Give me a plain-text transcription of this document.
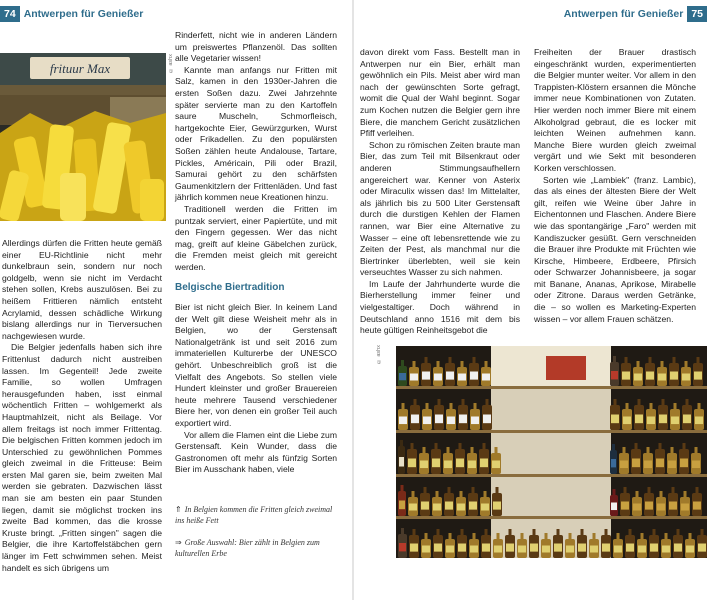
74 Antwerpen für Genießer
frituur Max	© ashx

Allerdings dürfen die Fritten heute gemäß einer EU-Richtlinie nicht mehr dunkelbraun sein, sondern nur noch goldgelb, wenn sie nicht im Verdacht stehen sollen, Krebs auszulösen. Bei zu heißem Frittieren nämlich entsteht Acrylamid, dessen schädliche Wirkung bislang allerdings nur in Tierversuchen nachgewiesen wurde.

Die Belgier jedenfalls haben sich ihre Frittenlust dadurch nicht austreiben lassen. Im Gegenteil! Jede zweite Familie, so wollen Umfragen herausgefunden haben, isst einmal wöchentlich Fritten – wohlgemerkt als Hauptmahlzeit, nicht als Beilage. Vor allem freitags ist noch immer Frittentag. Die belgischen Fritten kommen jedoch im Unterschied zu gewöhnlichen Pommes gleich zweimal in die Fritteuse: Beim ersten Mal garen sie, beim zweiten Mal werden sie gebraten. Dazwischen lässt man sie am besten ein paar Stunden liegen, damit sie möglichst trocken ins zweite Bad kommen, das die krosse Kruste bringt. „Fritten singen" sagen die Belgier, die ihre Kartoffelstäbchen gern länger im Fett schwimmen sehen. Meist handelt es sich übrigens um

Rinderfett, nicht wie in anderen Ländern um preiswertes Pflanzenöl. Das sollten alle Vegetarier wissen!

Kannte man anfangs nur Fritten mit Salz, kamen in den 1930er-Jahren die ersten Soßen dazu. Zwei Jahrzehnte später servierte man zu den Kartoffeln saure Muscheln, Schmorfleisch, hartgekochte Eier, Gewürzgurken, Wurst oder Frikadellen. Zu den populärsten Soßen zählen heute Andalouse, Tartare, Pickles, Américain, Pili oder Brazil, Samurai gehört zu den schärfsten Gaumenkitzlern der Frittenläden. Und fast jährlich kommen neue Kreationen hinzu.

Traditionell werden die Fritten im puntzak serviert, einer Papiertüte, und mit den Fingern gegessen. Wer das nicht mag, greift auf kleine Gäbelchen zurück, die Fremden meist gleich mit gereicht werden.

Belgische Biertradition

Bier ist nicht gleich Bier. In keinem Land der Welt gilt diese Weisheit mehr als in Belgien, wo der Gerstensaft Nationalgetränk ist und seit 2016 zum immateriellen Kulturerbe der UNESCO gehört. Unbeschreiblich groß ist die Vielfalt des Angebots. So stellen viele Hundert kleinster und großer Brauereien heute mehrere Tausend verschiedener Biere her, von denen ein großer Teil auch exportiert wird.

Vor allem die Flamen eint die Liebe zum Gerstensaft. Kein Wunder, dass die Gastronomen oft mehr als fünfzig Sorten Bier im Ausschank haben, viele

⇑ In Belgien kommen die Fritten gleich zweimal ins heiße Fett
⇒ Große Auswahl: Bier zählt in Belgien zum kulturellen Erbe
Antwerpen für Genießer 75

davon direkt vom Fass. Bestellt man in Antwerpen nur ein Bier, erhält man gewöhnlich ein Pils. Meist aber wird man nach der gewünschten Sorte gefragt, womit die Qual der Wahl beginnt. Sogar zum Kochen nutzen die Belgier gern ihre Biere, die manchem Gericht zusätzlichen Pfiff verleihen.

Schon zu römischen Zeiten braute man Bier, das zum Teil mit Bilsenkraut oder anderen Stimmungsaufhellern angereichert war. Kenner von Asterix oder Miraculix wissen das! Im Mittelalter, als jährlich bis zu 500 Liter Gerstensaft durch die durstigen Kehlen der Flamen rannen, war Bier eine Alternative zu Wasser – eine oft lebensrettende wie zu Zeiten der Pest, als manchmal nur die Biertrinker überlebten, weil sie kein verseuchtes Wasser zu sich nahmen.

Im Laufe der Jahrhunderte wurde die Bierherstellung immer feiner und vielgestaltiger. Doch während in Deutschland anno 1516 mit dem bis heute gültigen Reinheitsgebot die

Freiheiten der Brauer drastisch eingeschränkt wurden, experimentierten die Belgier munter weiter. Vor allem in den Trappisten-Klöstern ersannen die Mönche immer neue Kombinationen von Zutaten. Hier werden noch immer Biere mit einem Alkoholgrad gebraut, die es locker mit leichten Weinen aufnehmen kann. Manche Biere wurden gleich zweimal vergärt und wie Sekt mit besonderen Korken verschlossen.

Sorten wie „Lambiek" (franz. Lambic), das als eines der ältesten Biere der Welt gilt, reifen wie Weine über Jahre in Eichentonnen und Flaschen. Andere Biere wie das spontangärige „Faro" werden mit Kandiszucker gesüßt. Gern verschneiden die Brauer ihre Produkte mit Früchten wie Kirsche, Himbeere, Erdbeere, Pfirsich oder Schwarzer Johannisbeere, ja sogar mit Banane, Ananas, Aprikose, Mirabelle oder Zitrone. Daraus werden Getränke, die – so wollen es Marketing-Experten wissen – vor allem Frauen schätzen.

© ashx
